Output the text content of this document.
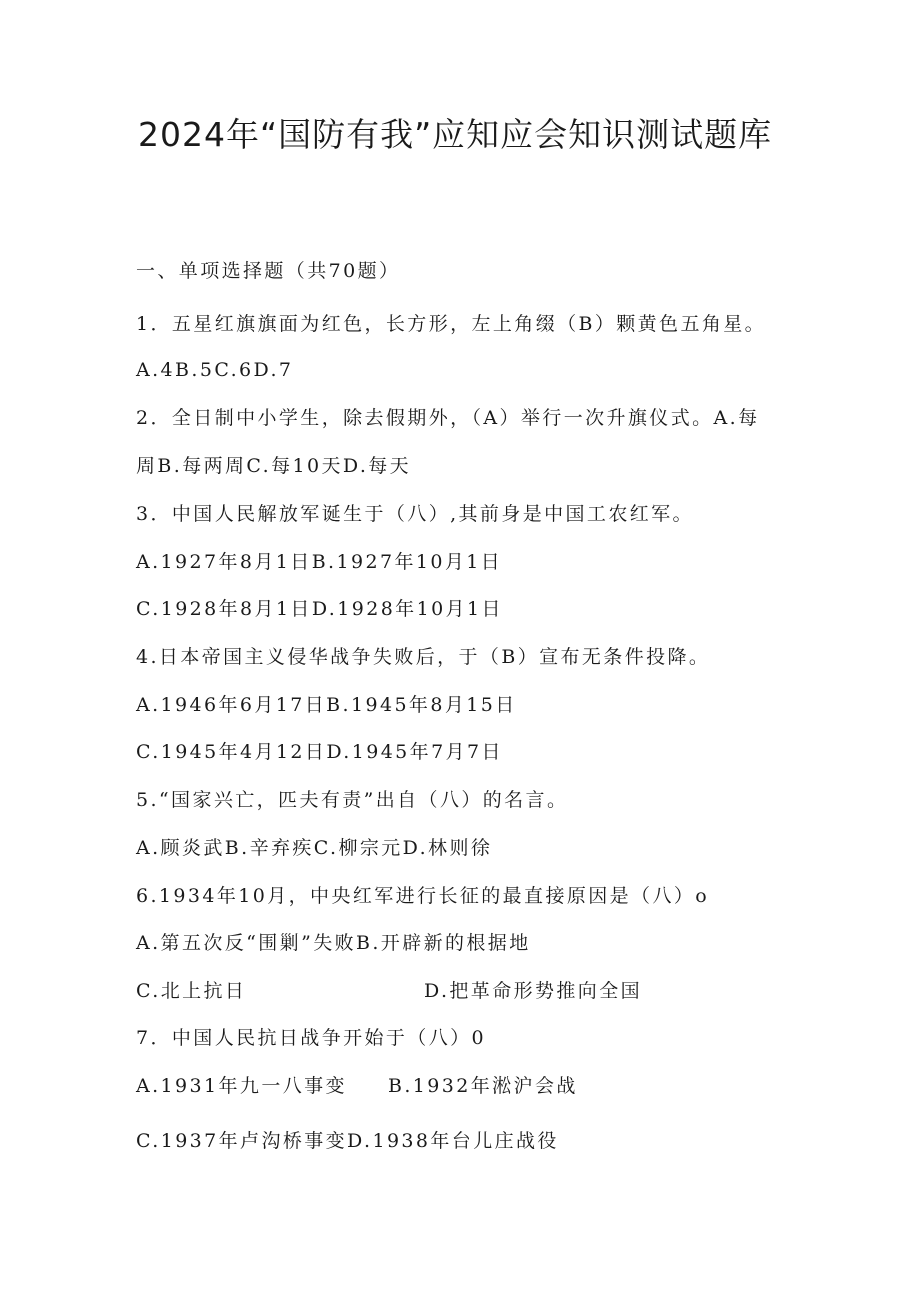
2024年“国防有我”应知应会知识测试题库
一、单项选择题（共70题）
1．五星红旗旗面为红色，长方形，左上角缀（B）颗黄色五角星。
A.4B.5C.6D.7
2．全日制中小学生，除去假期外，（A）举行一次升旗仪式。A.每
周B.每两周C.每10天D.每天
3．中国人民解放军诞生于（八）,其前身是中国工农红军。
A.1927年8月1日B.1927年10月1日
C.1928年8月1日D.1928年10月1日
4.日本帝国主义侵华战争失败后，于（B）宣布无条件投降。
A.1946年6月17日B.1945年8月15日
C.1945年4月12日D.1945年7月7日
5.“国家兴亡，匹夫有责”出自（八）的名言。
A.顾炎武B.辛弃疾C.柳宗元D.林则徐
6.1934年10月，中央红军进行长征的最直接原因是（八）o
A.第五次反“围剿”失败B.开辟新的根据地
C.北上抗日	D.把革命形势推向全国
7．中国人民抗日战争开始于（八）0
A.1931年九一八事变 B.1932年淞沪会战
C.1937年卢沟桥事变D.1938年台儿庄战役
